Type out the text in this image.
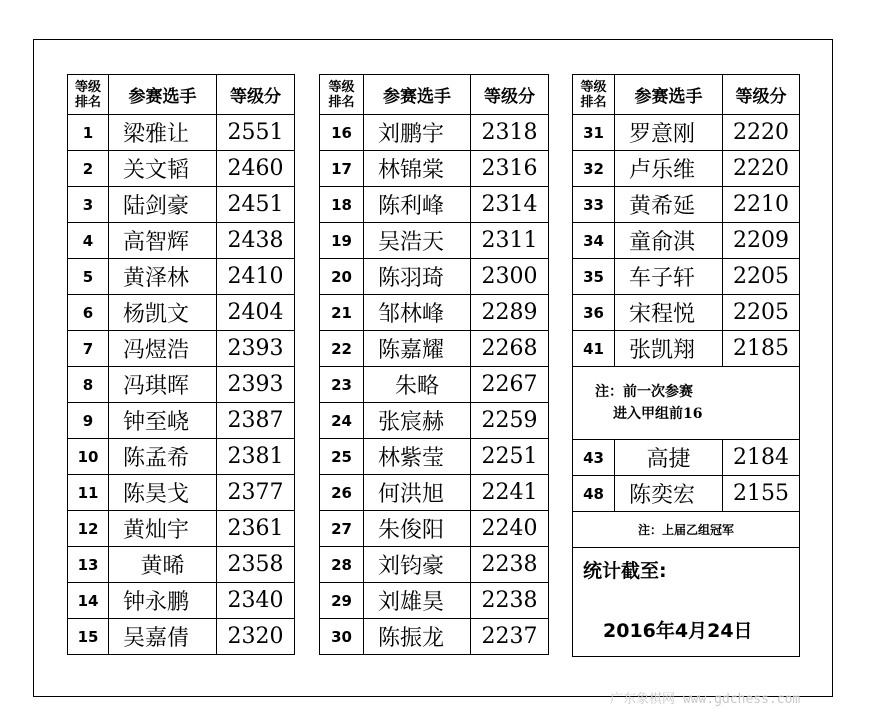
等级
排名	参赛选手	等级分
1	梁雅让	2551
2	关文韬	2460
3	陆剑豪	2451
4	高智辉	2438
5	黄泽林	2410
6	杨凯文	2404
7	冯煜浩	2393
8	冯琪晖	2393
9	钟至峣	2387
10	陈孟希	2381
11	陈昊戈	2377
12	黄灿宇	2361
13	黄晞	2358
14	钟永鹏	2340
15	吴嘉倩	2320
等级
排名	参赛选手	等级分
16	刘鹏宇	2318
17	林锦棠	2316
18	陈利峰	2314
19	吴浩天	2311
20	陈羽琦	2300
21	邹林峰	2289
22	陈嘉耀	2268
23	朱略	2267
24	张宸赫	2259
25	林紫莹	2251
26	何洪旭	2241
27	朱俊阳	2240
28	刘钧豪	2238
29	刘雄昊	2238
30	陈振龙	2237
等级
排名	参赛选手	等级分
31	罗意刚	2220
32	卢乐维	2220
33	黄希延	2210
34	童俞淇	2209
35	车子轩	2205
36	宋程悦	2205
41	张凯翔	2185

注：前一次参赛
进入甲组前16		

43	高捷	2184
48	陈奕宏	2155
注：上届乙组冠军		

统计截至:
2016年4月24日		
广东象棋网 www.gdchess.com
